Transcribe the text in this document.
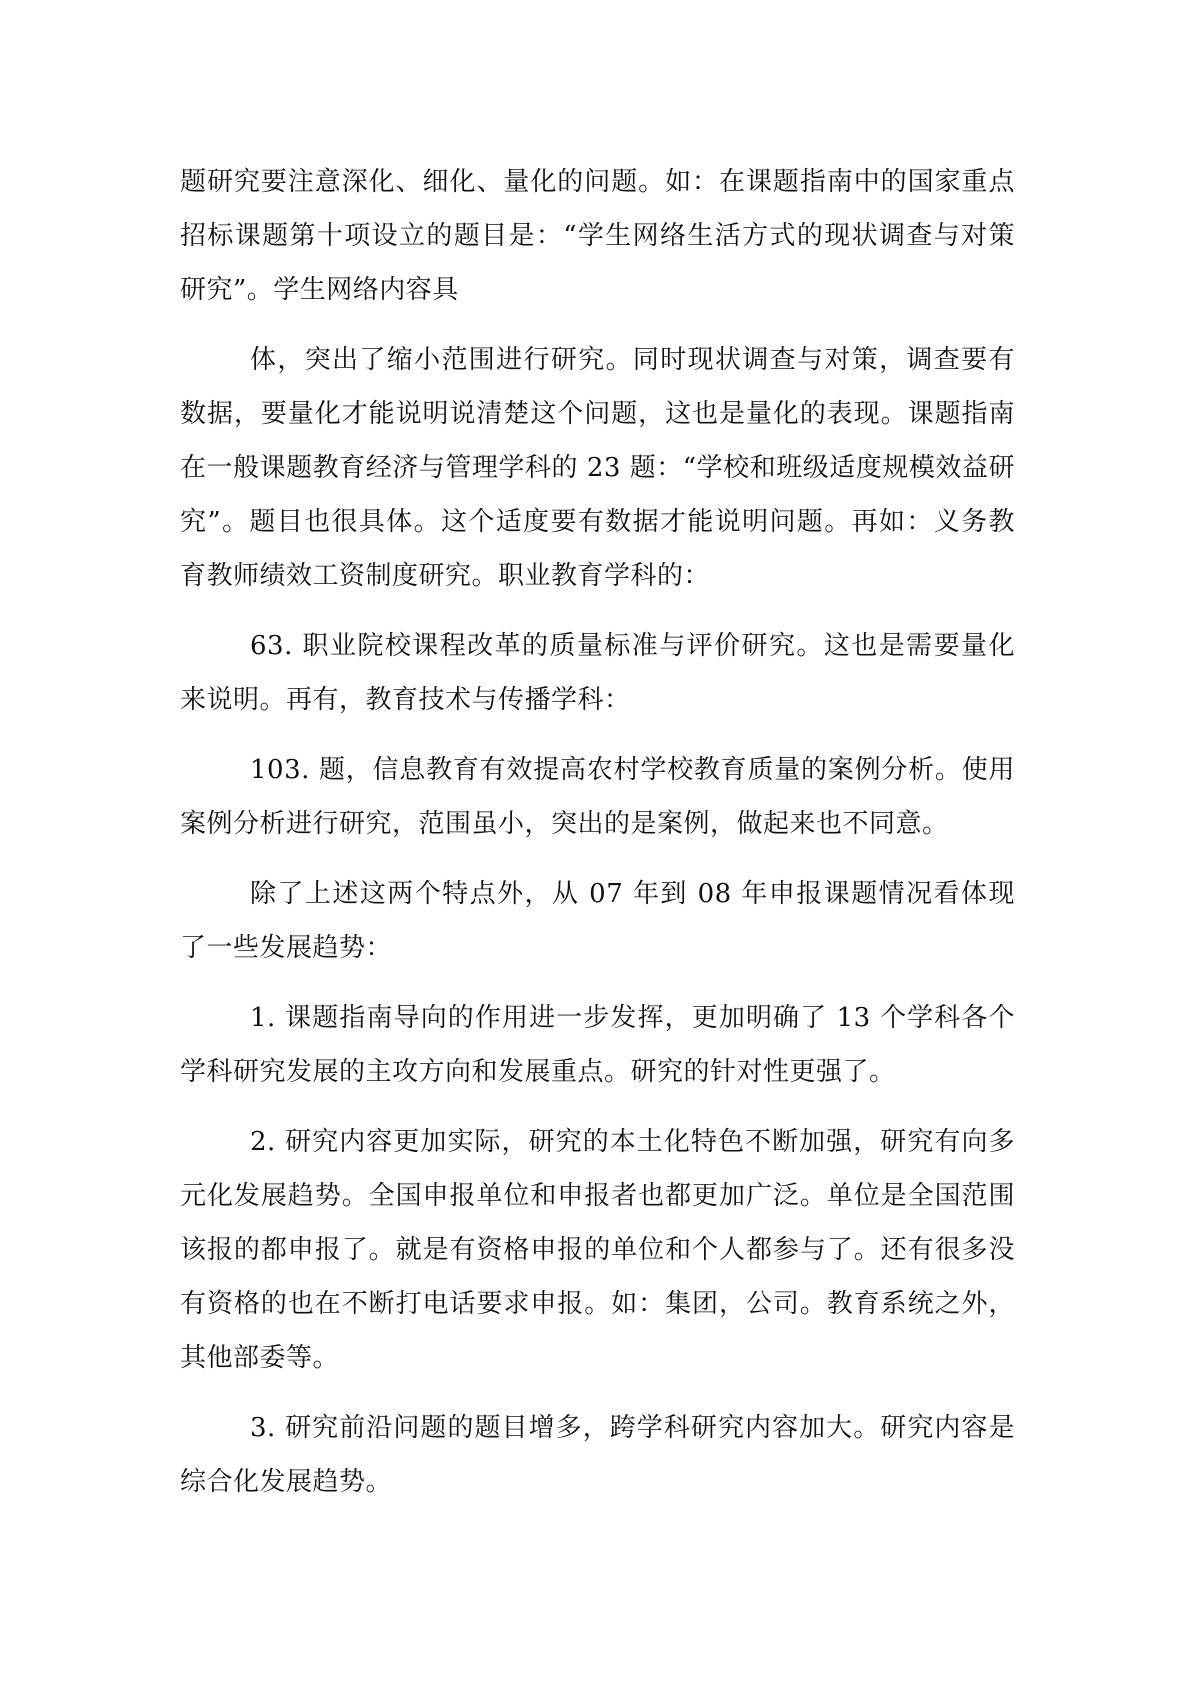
题研究要注意深化、细化、量化的问题。如：在课题指南中的国家重点招标课题第十项设立的题目是：“学生网络生活方式的现状调查与对策研究”。学生网络内容具

体，突出了缩小范围进行研究。同时现状调查与对策，调查要有数据，要量化才能说明说清楚这个问题，这也是量化的表现。课题指南在一般课题教育经济与管理学科的 23 题：“学校和班级适度规模效益研究”。题目也很具体。这个适度要有数据才能说明问题。再如：义务教育教师绩效工资制度研究。职业教育学科的：

63. 职业院校课程改革的质量标准与评价研究。这也是需要量化来说明。再有，教育技术与传播学科：

103. 题，信息教育有效提高农村学校教育质量的案例分析。使用案例分析进行研究，范围虽小，突出的是案例，做起来也不同意。

除了上述这两个特点外，从 07 年到 08 年申报课题情况看体现了一些发展趋势：

1. 课题指南导向的作用进一步发挥，更加明确了 13 个学科各个学科研究发展的主攻方向和发展重点。研究的针对性更强了。

2. 研究内容更加实际，研究的本土化特色不断加强，研究有向多元化发展趋势。全国申报单位和申报者也都更加广泛。单位是全国范围该报的都申报了。就是有资格申报的单位和个人都参与了。还有很多没有资格的也在不断打电话要求申报。如：集团，公司。教育系统之外，其他部委等。

3. 研究前沿问题的题目增多，跨学科研究内容加大。研究内容是综合化发展趋势。
